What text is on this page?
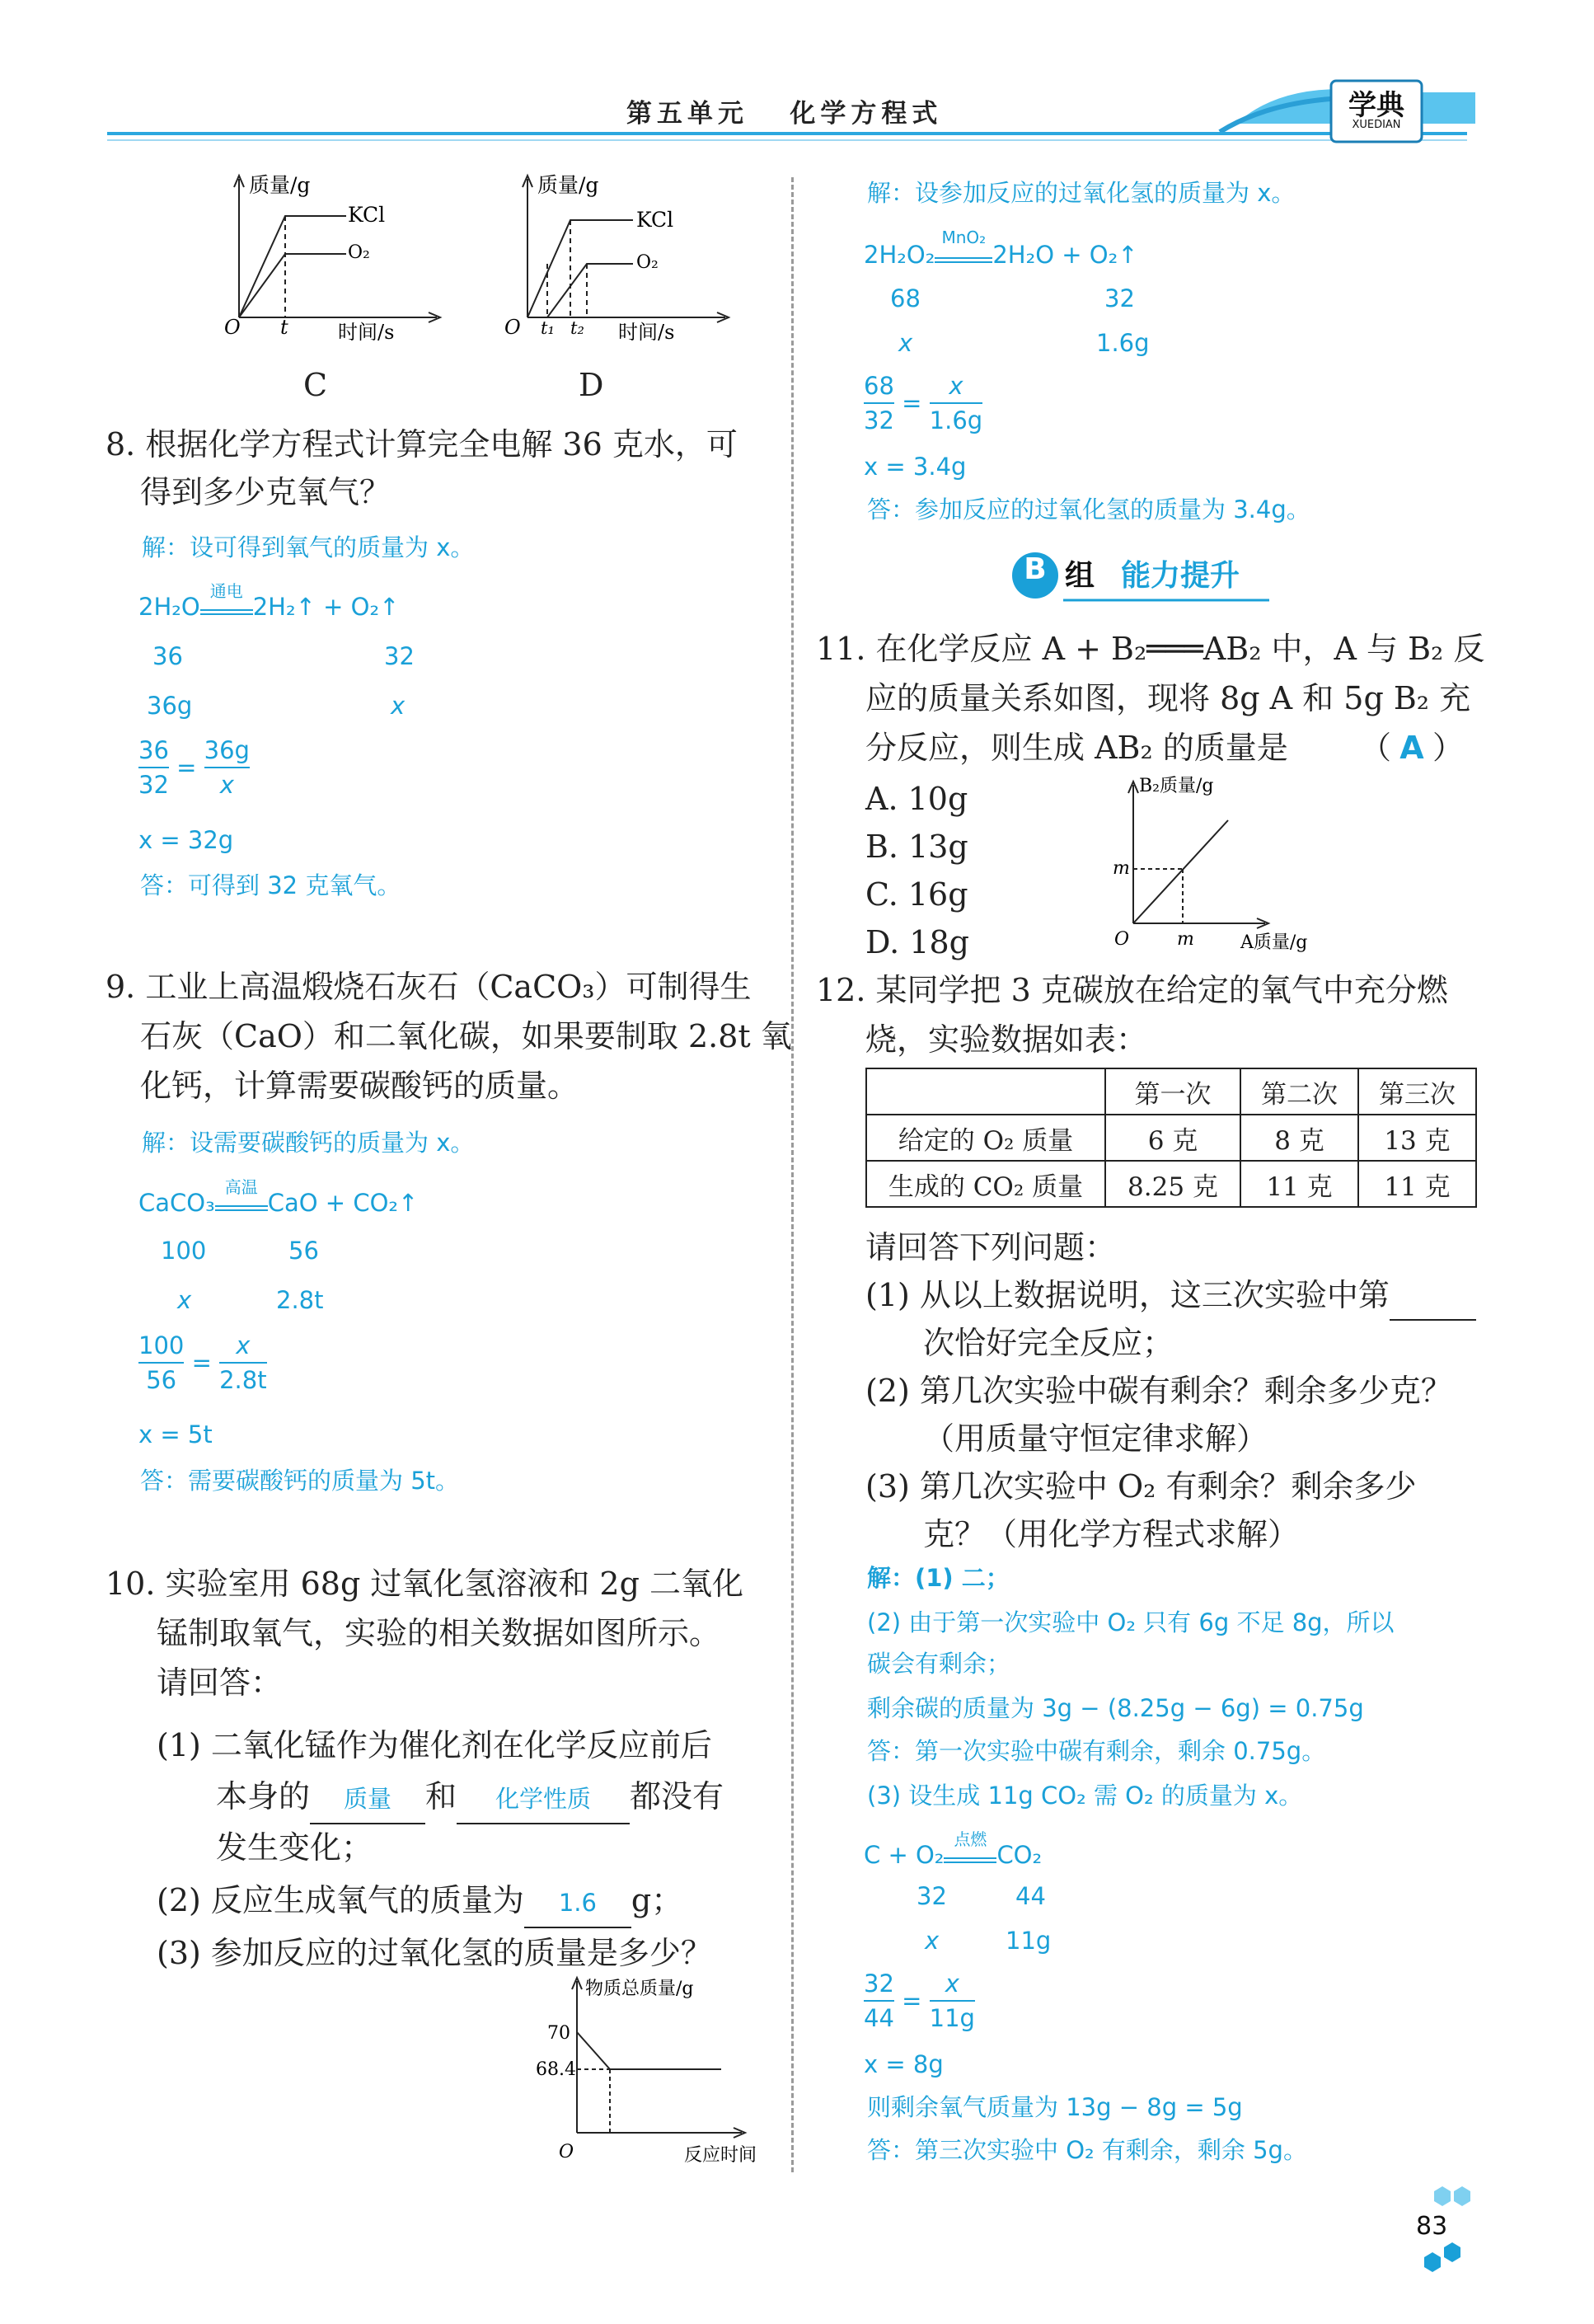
第五单元 化学方程式	学典
XUEDIAN
质量/g
KCl
O₂
O t	时间/s
C
质量/g
KCl
O₂
O t₁ t₂ 时间/s
D
8. 根据化学方程式计算完全电解 36 克水，可
得到多少克氧气？
解：设可得到氧气的质量为 x。
2H₂O
通电
2H₂↑ + O₂↑
36	32
36g	x
$\frac{36}{32} = \frac{36g}{x}$
x = 32g
答：可得到 32 克氧气。
9. 工业上高温煅烧石灰石（CaCO₃）可制得生
石灰（CaO）和二氧化碳，如果要制取 2.8t 氧
化钙，计算需要碳酸钙的质量。
解：设需要碳酸钙的质量为 x。
CaCO₃
高温
CaO + CO₂↑
100	56
x	2.8t
$\frac{100}{56} = \frac{x}{2.8t}$
x = 5t
答：需要碳酸钙的质量为 5t。
10. 实验室用 68g 过氧化氢溶液和 2g 二氧化
锰制取氧气，实验的相关数据如图所示。
请回答：
(1) 二氧化锰作为催化剂在化学反应前后
本身的 质量 和 化学性质 都没有
发生变化；
(2) 反应生成氧气的质量为 1.6 g；
(3) 参加反应的过氧化氢的质量是多少？
物质总质量/g
70
68.4
O	反应时间
解：设参加反应的过氧化氢的质量为 x。
2H₂O₂
MnO₂
2H₂O + O₂↑
68	32
x	1.6g
$\frac{68}{32} = \frac{x}{1.6g}$
x = 3.4g
答：参加反应的过氧化氢的质量为 3.4g。
B 组 能力提升
11. 在化学反应 A + B₂═══AB₂ 中，A 与 B₂ 反
应的质量关系如图，现将 8g A 和 5g B₂ 充
分反应，则生成 AB₂ 的质量是 （ A ）
A. 10g
B. 13g
C. 16g
D. 18g
B₂质量/g
m
O	m	A质量/g
12. 某同学把 3 克碳放在给定的氧气中充分燃
烧，实验数据如表：
	第一次	第二次	第三次
给定的 O₂ 质量	6 克	8 克	13 克
生成的 CO₂ 质量	8.25 克	11 克	11 克
请回答下列问题：
(1) 从以上数据说明，这三次实验中第
次恰好完全反应；
(2) 第几次实验中碳有剩余？剩余多少克？
（用质量守恒定律求解）
(3) 第几次实验中 O₂ 有剩余？剩余多少
克？（用化学方程式求解）
解：(1) 二；
(2) 由于第一次实验中 O₂ 只有 6g 不足 8g，所以
碳会有剩余；
剩余碳的质量为 3g − (8.25g − 6g) = 0.75g
答：第一次实验中碳有剩余，剩余 0.75g。
(3) 设生成 11g CO₂ 需 O₂ 的质量为 x。
C + O₂
点燃
CO₂
32	44
x	11g
$\frac{32}{44} = \frac{x}{11g}$
x = 8g
则剩余氧气质量为 13g − 8g = 5g
答：第三次实验中 O₂ 有剩余，剩余 5g。
83
